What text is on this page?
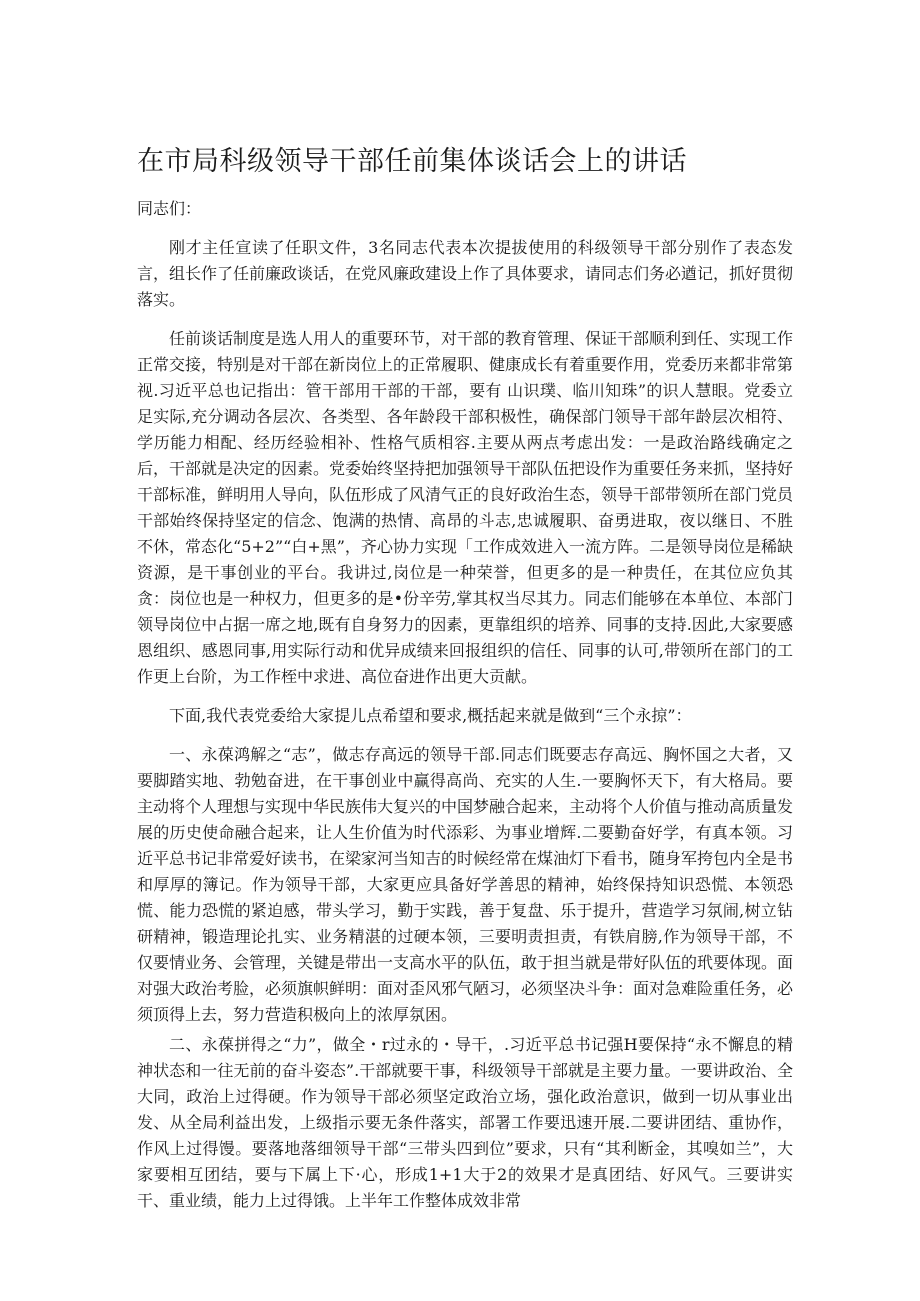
在市局科级领导干部任前集体谈话会上的讲话

同志们：

刚才主任宣读了任职文件，3名同志代表本次提拔使用的科级领导干部分别作了表态发言，组长作了任前廉政谈话，在党风廉政建设上作了具体要求，请同志们务必遒记，抓好贯彻落实。

任前谈话制度是选人用人的重要环节，对干部的教育管理、保证干部顺利到任、实现工作正常交接，特别是对干部在新岗位上的正常履职、健康成长有着重要作用，党委历来都非常第视.习近平总也记指出：管干部用干部的干部，要有 山识璞、临川知珠”的识人慧眼。党委立足实际,充分调动各层次、各类型、各年龄段干部积极性，确保部门领导干部年龄层次相符、学历能力相配、经历经验相补、性格气质相容.主要从两点考虑出发：一是政治路线确定之后，干部就是决定的因素。党委始终坚持把加强领导干部队伍把设作为重要任务来抓，坚持好干部标准，鲜明用人导向，队伍形成了风清气正的良好政治生态，领导干部带领所在部门党员干部始终保持坚定的信念、饱满的热情、高昂的斗志,忠诚履职、奋勇进取，夜以继日、不胜不休，常态化“5+2”“白+黑”，齐心协力实现「工作成效进入一流方阵。二是领导岗位是稀缺资源，是干事创业的平台。我讲过,岗位是一种荣誉，但更多的是一种贵任，在其位应负其贪：岗位也是一种权力，但更多的是•份辛劳,掌其权当尽其力。同志们能够在本单位、本部门领导岗位中占据一席之地,既有自身努力的因素，更靠组织的培养、同事的支持.因此,大家要感恩组织、感恩同事,用实际行动和优异成绩来回报组织的信任、同事的认可,带领所在部门的工作更上台阶，为工作桎中求进、高位奋进作出更大贡献。

下面,我代表党委给大家提儿点希望和要求,概括起来就是做到“三个永掠”：

一、永葆鸿解之“志”，做志存高远的领导干部.同志们既要志存高远、胸怀国之大者，又要脚踏实地、勃勉奋进，在干事创业中赢得高尚、充实的人生.一要胸怀天下，有大格局。要主动将个人理想与实现中华民族伟大复兴的中国梦融合起来，主动将个人价值与推动高质量发展的历史使命融合起来，让人生价值为时代添彩、为事业增辉.二要勤奋好学，有真本领。习近平总书记非常爱好读书，在梁家河当知吉的时候经常在煤油灯下看书，随身军挎包内全是书和厚厚的簿记。作为领导干部，大家更应具备好学善思的精神，始终保持知识恐慌、本领恐慌、能力恐慌的紧迫感，带头学习，勤于实践，善于复盘、乐于提升，营造学习氛闹,树立钻研精神，锻造理论扎实、业务精湛的过硬本领，三要明责担责，有铁肩膀,作为领导干部，不仅要情业务、会管理，关键是带出一支高水平的队伍，敢于担当就是带好队伍的玳要体现。面对强大政治考脸，必须旗帜鲜明：面对歪风邪气陋习，必须坚决斗争：面对急难险重任务，必须顶得上去，努力营造积极向上的浓厚氛困。

二、永葆拼得之“力”，做全・r过永的・导干，.习近平总书记强H要保持“永不懈息的精神状态和一往无前的奋斗姿态”.干部就要干事，科级领导干部就是主要力量。一要讲政治、全大同，政治上过得硬。作为领导干部必须坚定政治立场，强化政治意识，做到一切从事业出发、从全局利益出发，上级指示要无条件落实，部署工作要迅速开展.二要讲团结、重协作，作风上过得馒。要落地落细领导干部“三带头四到位”要求，只有“其利断金，其嗅如兰”，大家要相互团结，要与下属上下·心，形成1+1大于2的效果才是真团结、好风气。三要讲实干、重业绩，能力上过得饿。上半年工作整体成效非常
